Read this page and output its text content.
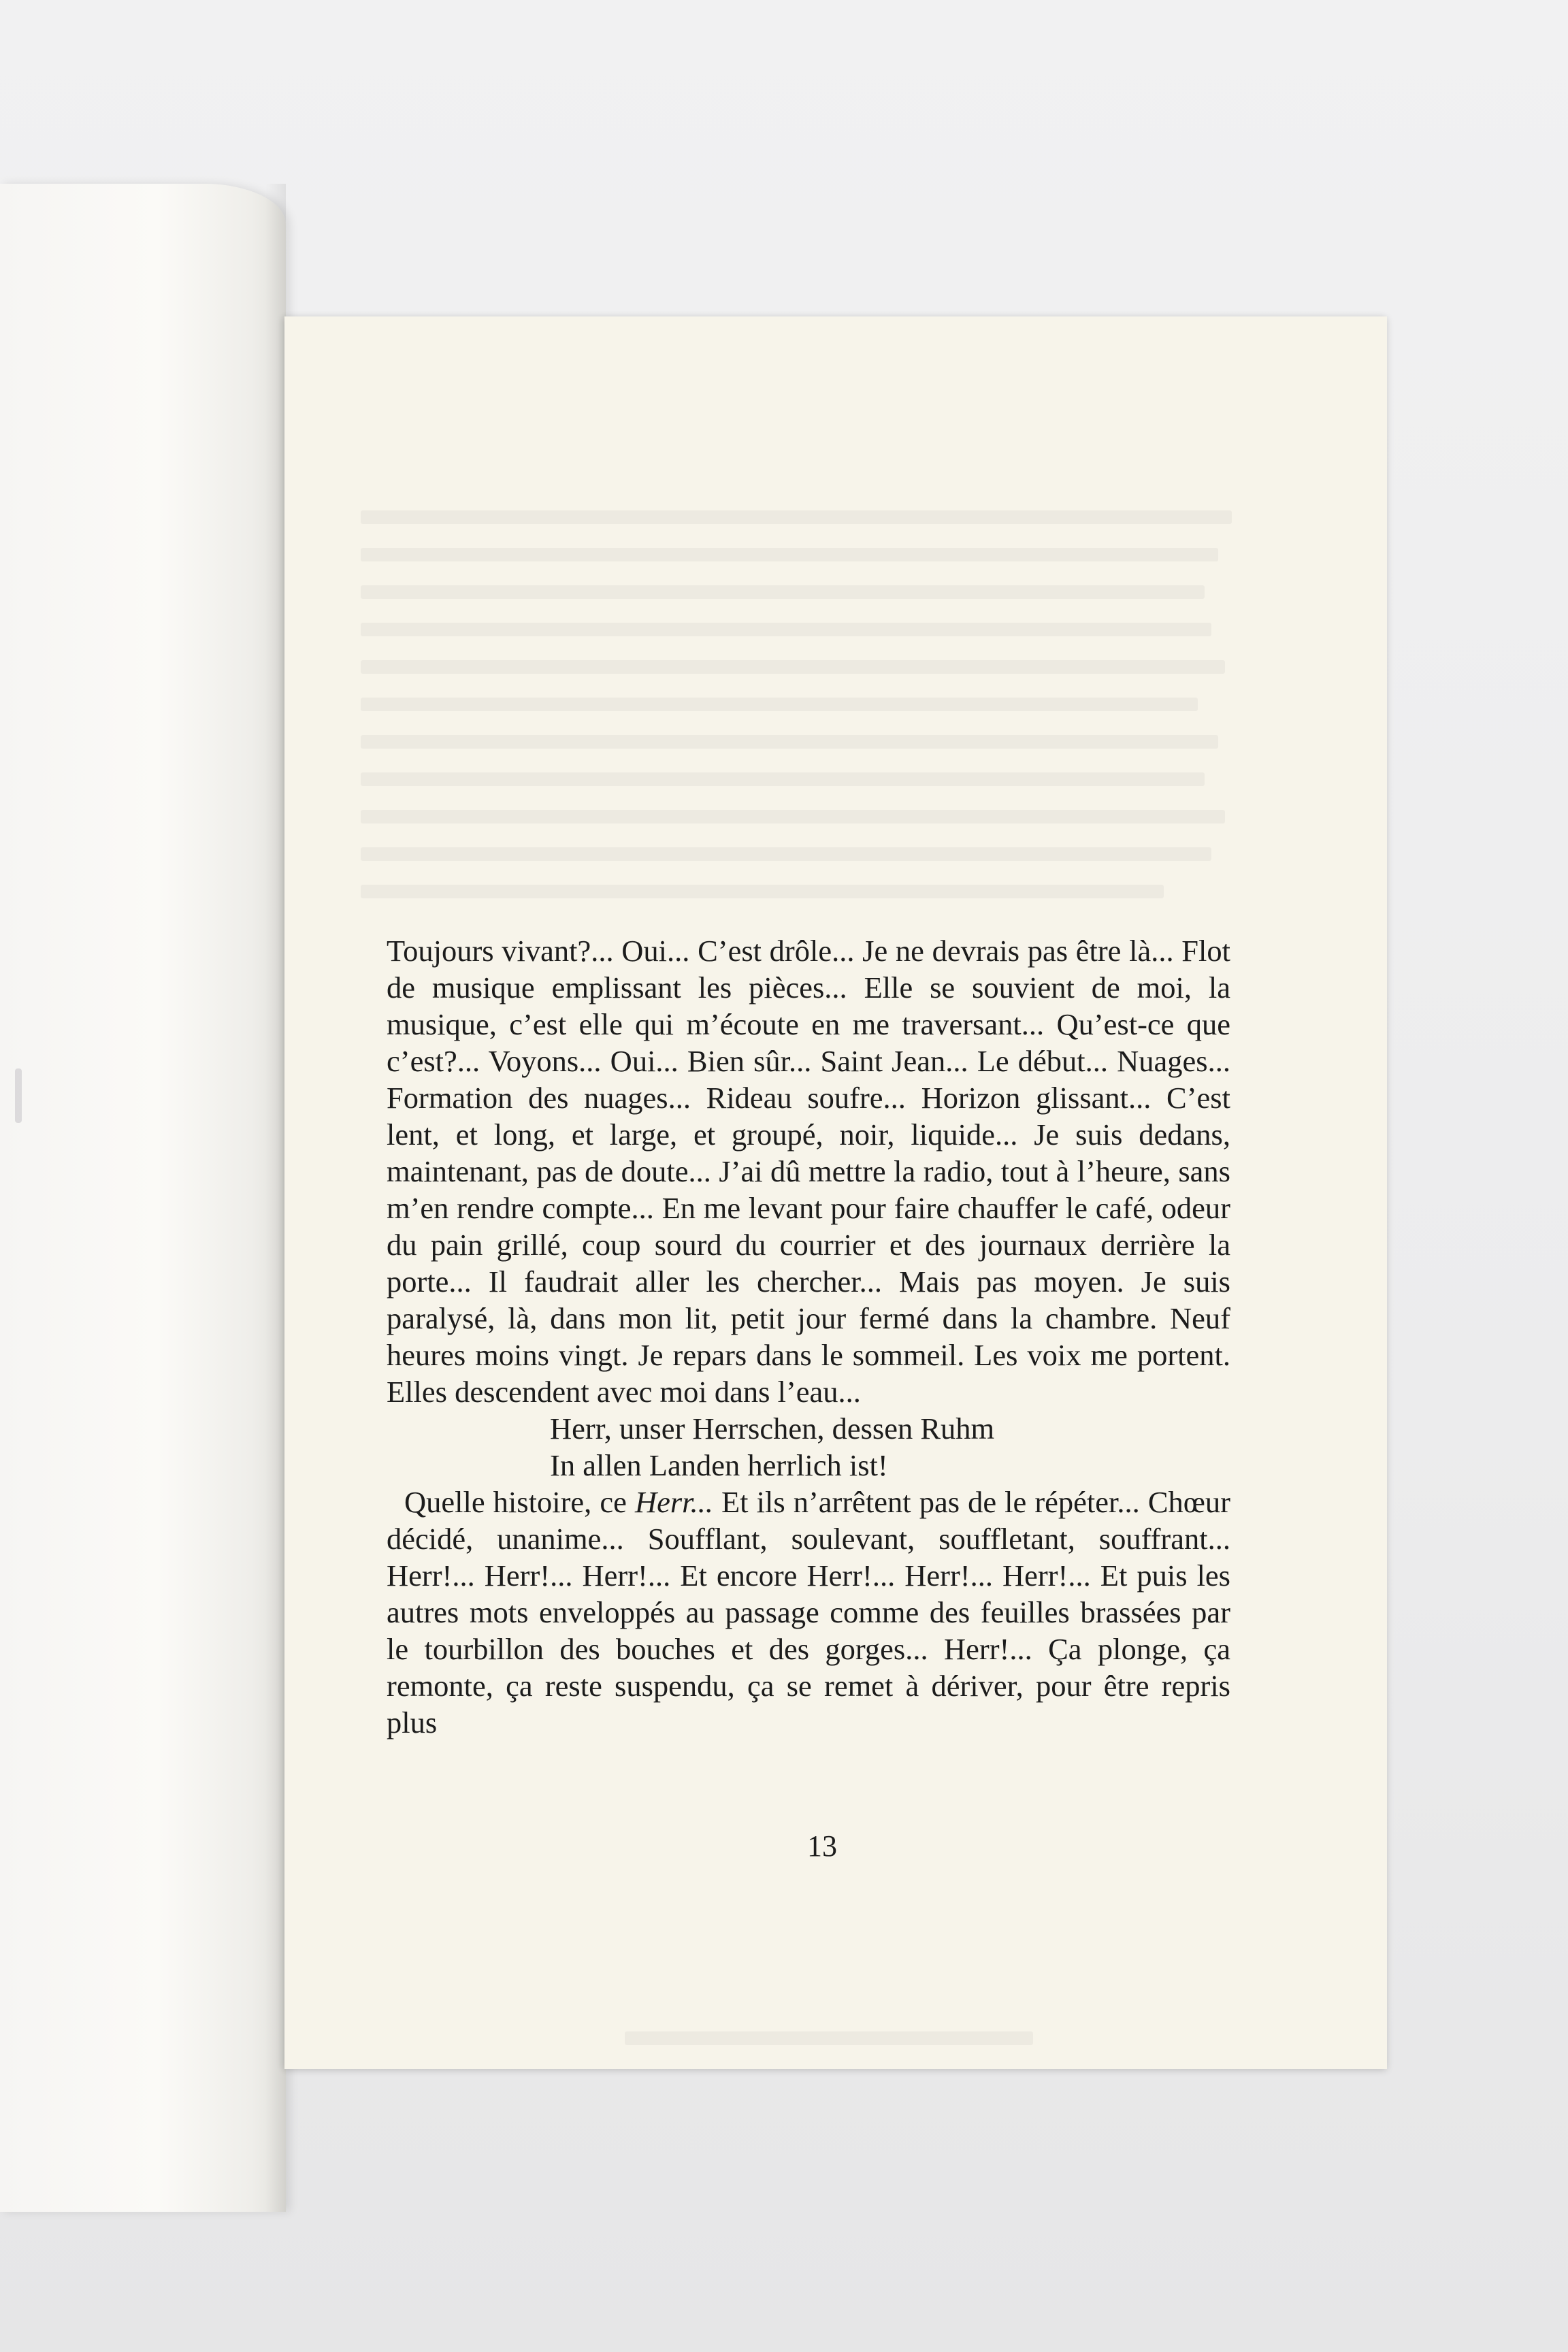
Toujours vivant?... Oui... C’est drôle... Je ne devrais pas être là... Flot de musique emplissant les pièces... Elle se souvient de moi, la musique, c’est elle qui m’écoute en me traversant... Qu’est-ce que c’est?... Voyons... Oui... Bien sûr... Saint Jean... Le début... Nuages... Formation des nuages... Rideau soufre... Horizon glissant... C’est lent, et long, et large, et groupé, noir, liquide... Je suis dedans, maintenant, pas de doute... J’ai dû mettre la radio, tout à l’heure, sans m’en rendre compte... En me levant pour faire chauffer le café, odeur du pain grillé, coup sourd du courrier et des journaux derrière la porte... Il faudrait aller les chercher... Mais pas moyen. Je suis paralysé, là, dans mon lit, petit jour fermé dans la chambre. Neuf heures moins vingt. Je repars dans le sommeil. Les voix me portent. Elles descendent avec moi dans l’eau...

Herr, unser Herrschen, dessen Ruhm
In allen Landen herrlich ist!

Quelle histoire, ce Herr... Et ils n’arrêtent pas de le répéter... Chœur décidé, unanime... Soufflant, soulevant, souffletant, souffrant... Herr!... Herr!... Herr!... Et encore Herr!... Herr!... Herr!... Et puis les autres mots enveloppés au passage comme des feuilles brassées par le tourbillon des bouches et des gorges... Herr!... Ça plonge, ça remonte, ça reste suspendu, ça se remet à dériver, pour être repris plus

13
